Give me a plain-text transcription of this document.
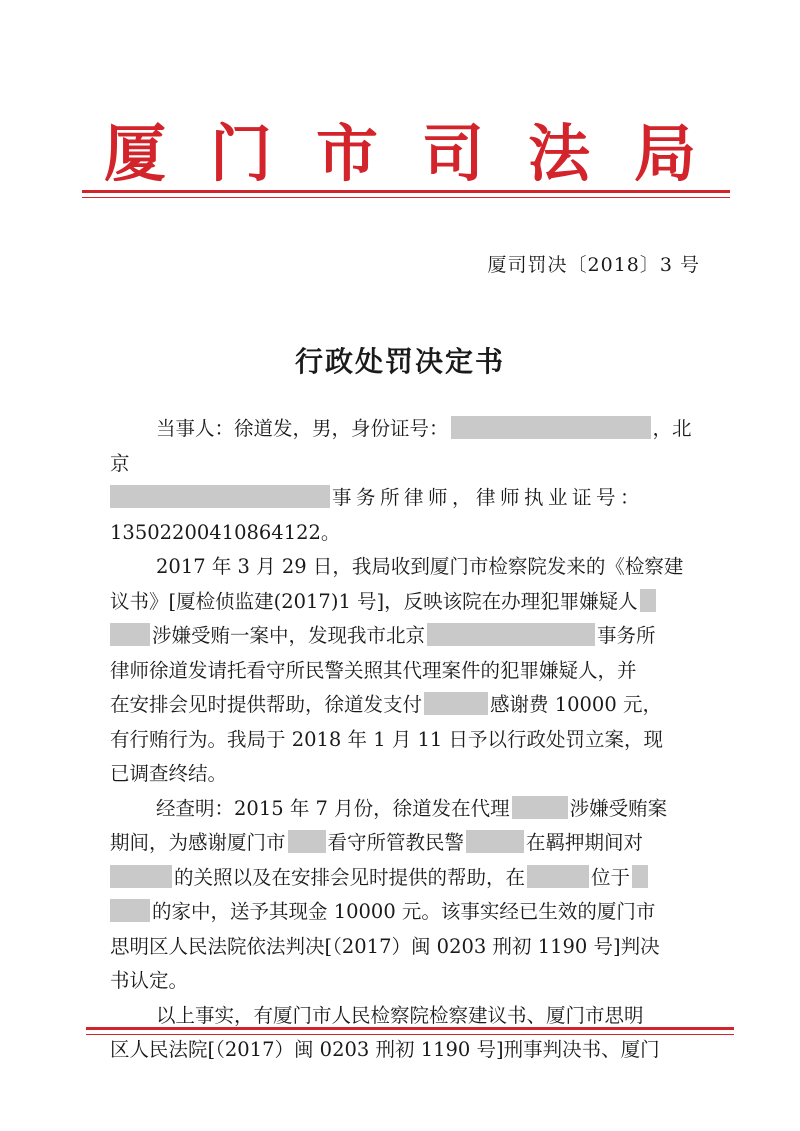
厦门市司法局
厦司罚决〔2018〕3 号
行政处罚决定书
当事人：徐道发，男，身份证号：	，北京
事务所律师，律师执业证号：
13502200410864122。
2017 年 3 月 29 日，我局收到厦门市检察院发来的《检察建
议书》[厦检侦监建(2017)1 号]，反映该院在办理犯罪嫌疑人
涉嫌受贿一案中，发现我市北京	事务所
律师徐道发请托看守所民警关照其代理案件的犯罪嫌疑人，并
在安排会见时提供帮助，徐道发支付	感谢费 10000 元，
有行贿行为。我局于 2018 年 1 月 11 日予以行政处罚立案，现
已调查终结。
经查明：2015 年 7 月份，徐道发在代理	涉嫌受贿案
期间，为感谢厦门市 看守所管教民警	在羁押期间对
的关照以及在安排会见时提供的帮助，在	位于
的家中，送予其现金 10000 元。该事实经已生效的厦门市
思明区人民法院依法判决[（2017）闽 0203 刑初 1190 号]判决
书认定。
以上事实，有厦门市人民检察院检察建议书、厦门市思明
区人民法院[（2017）闽 0203 刑初 1190 号]刑事判决书、厦门
